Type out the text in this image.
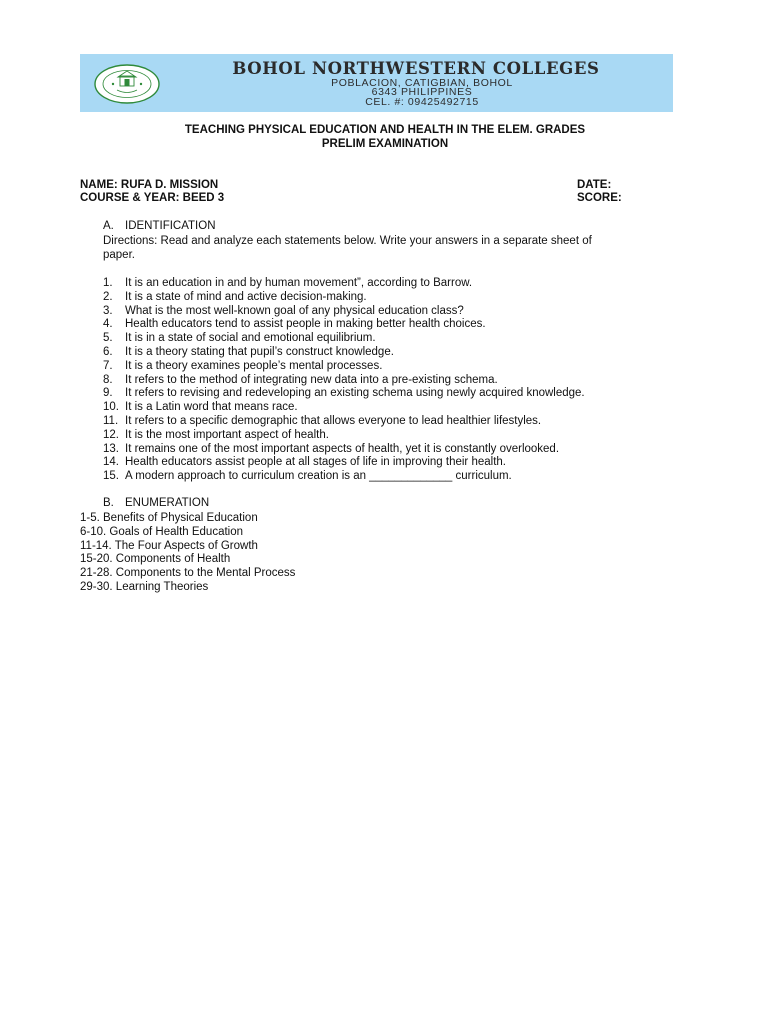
BOHOL NORTHWESTERN COLLEGES
POBLACION, CATIGBIAN, BOHOL
6343 PHILIPPINES
CEL. #: 09425492715
TEACHING PHYSICAL EDUCATION AND HEALTH IN THE ELEM. GRADES
PRELIM EXAMINATION
NAME: RUFA D. MISSION
COURSE & YEAR: BEED 3
DATE:
SCORE:
A. IDENTIFICATION
Directions: Read and analyze each statements below. Write your answers in a separate sheet of
paper.
1. It is an education in and by human movement”, according to Barrow.
2. It is a state of mind and active decision-making.
3. What is the most well-known goal of any physical education class?
4. Health educators tend to assist people in making better health choices.
5. It is in a state of social and emotional equilibrium.
6. It is a theory stating that pupil’s construct knowledge.
7. It is a theory examines people’s mental processes.
8. It refers to the method of integrating new data into a pre-existing schema.
9. It refers to revising and redeveloping an existing schema using newly acquired knowledge.
10. It is a Latin word that means race.
11. It refers to a specific demographic that allows everyone to lead healthier lifestyles.
12. It is the most important aspect of health.
13. It remains one of the most important aspects of health, yet it is constantly overlooked.
14. Health educators assist people at all stages of life in improving their health.
15. A modern approach to curriculum creation is an _____________ curriculum.
B. ENUMERATION
1-5. Benefits of Physical Education
6-10. Goals of Health Education
11-14. The Four Aspects of Growth
15-20. Components of Health
21-28. Components to the Mental Process
29-30. Learning Theories
